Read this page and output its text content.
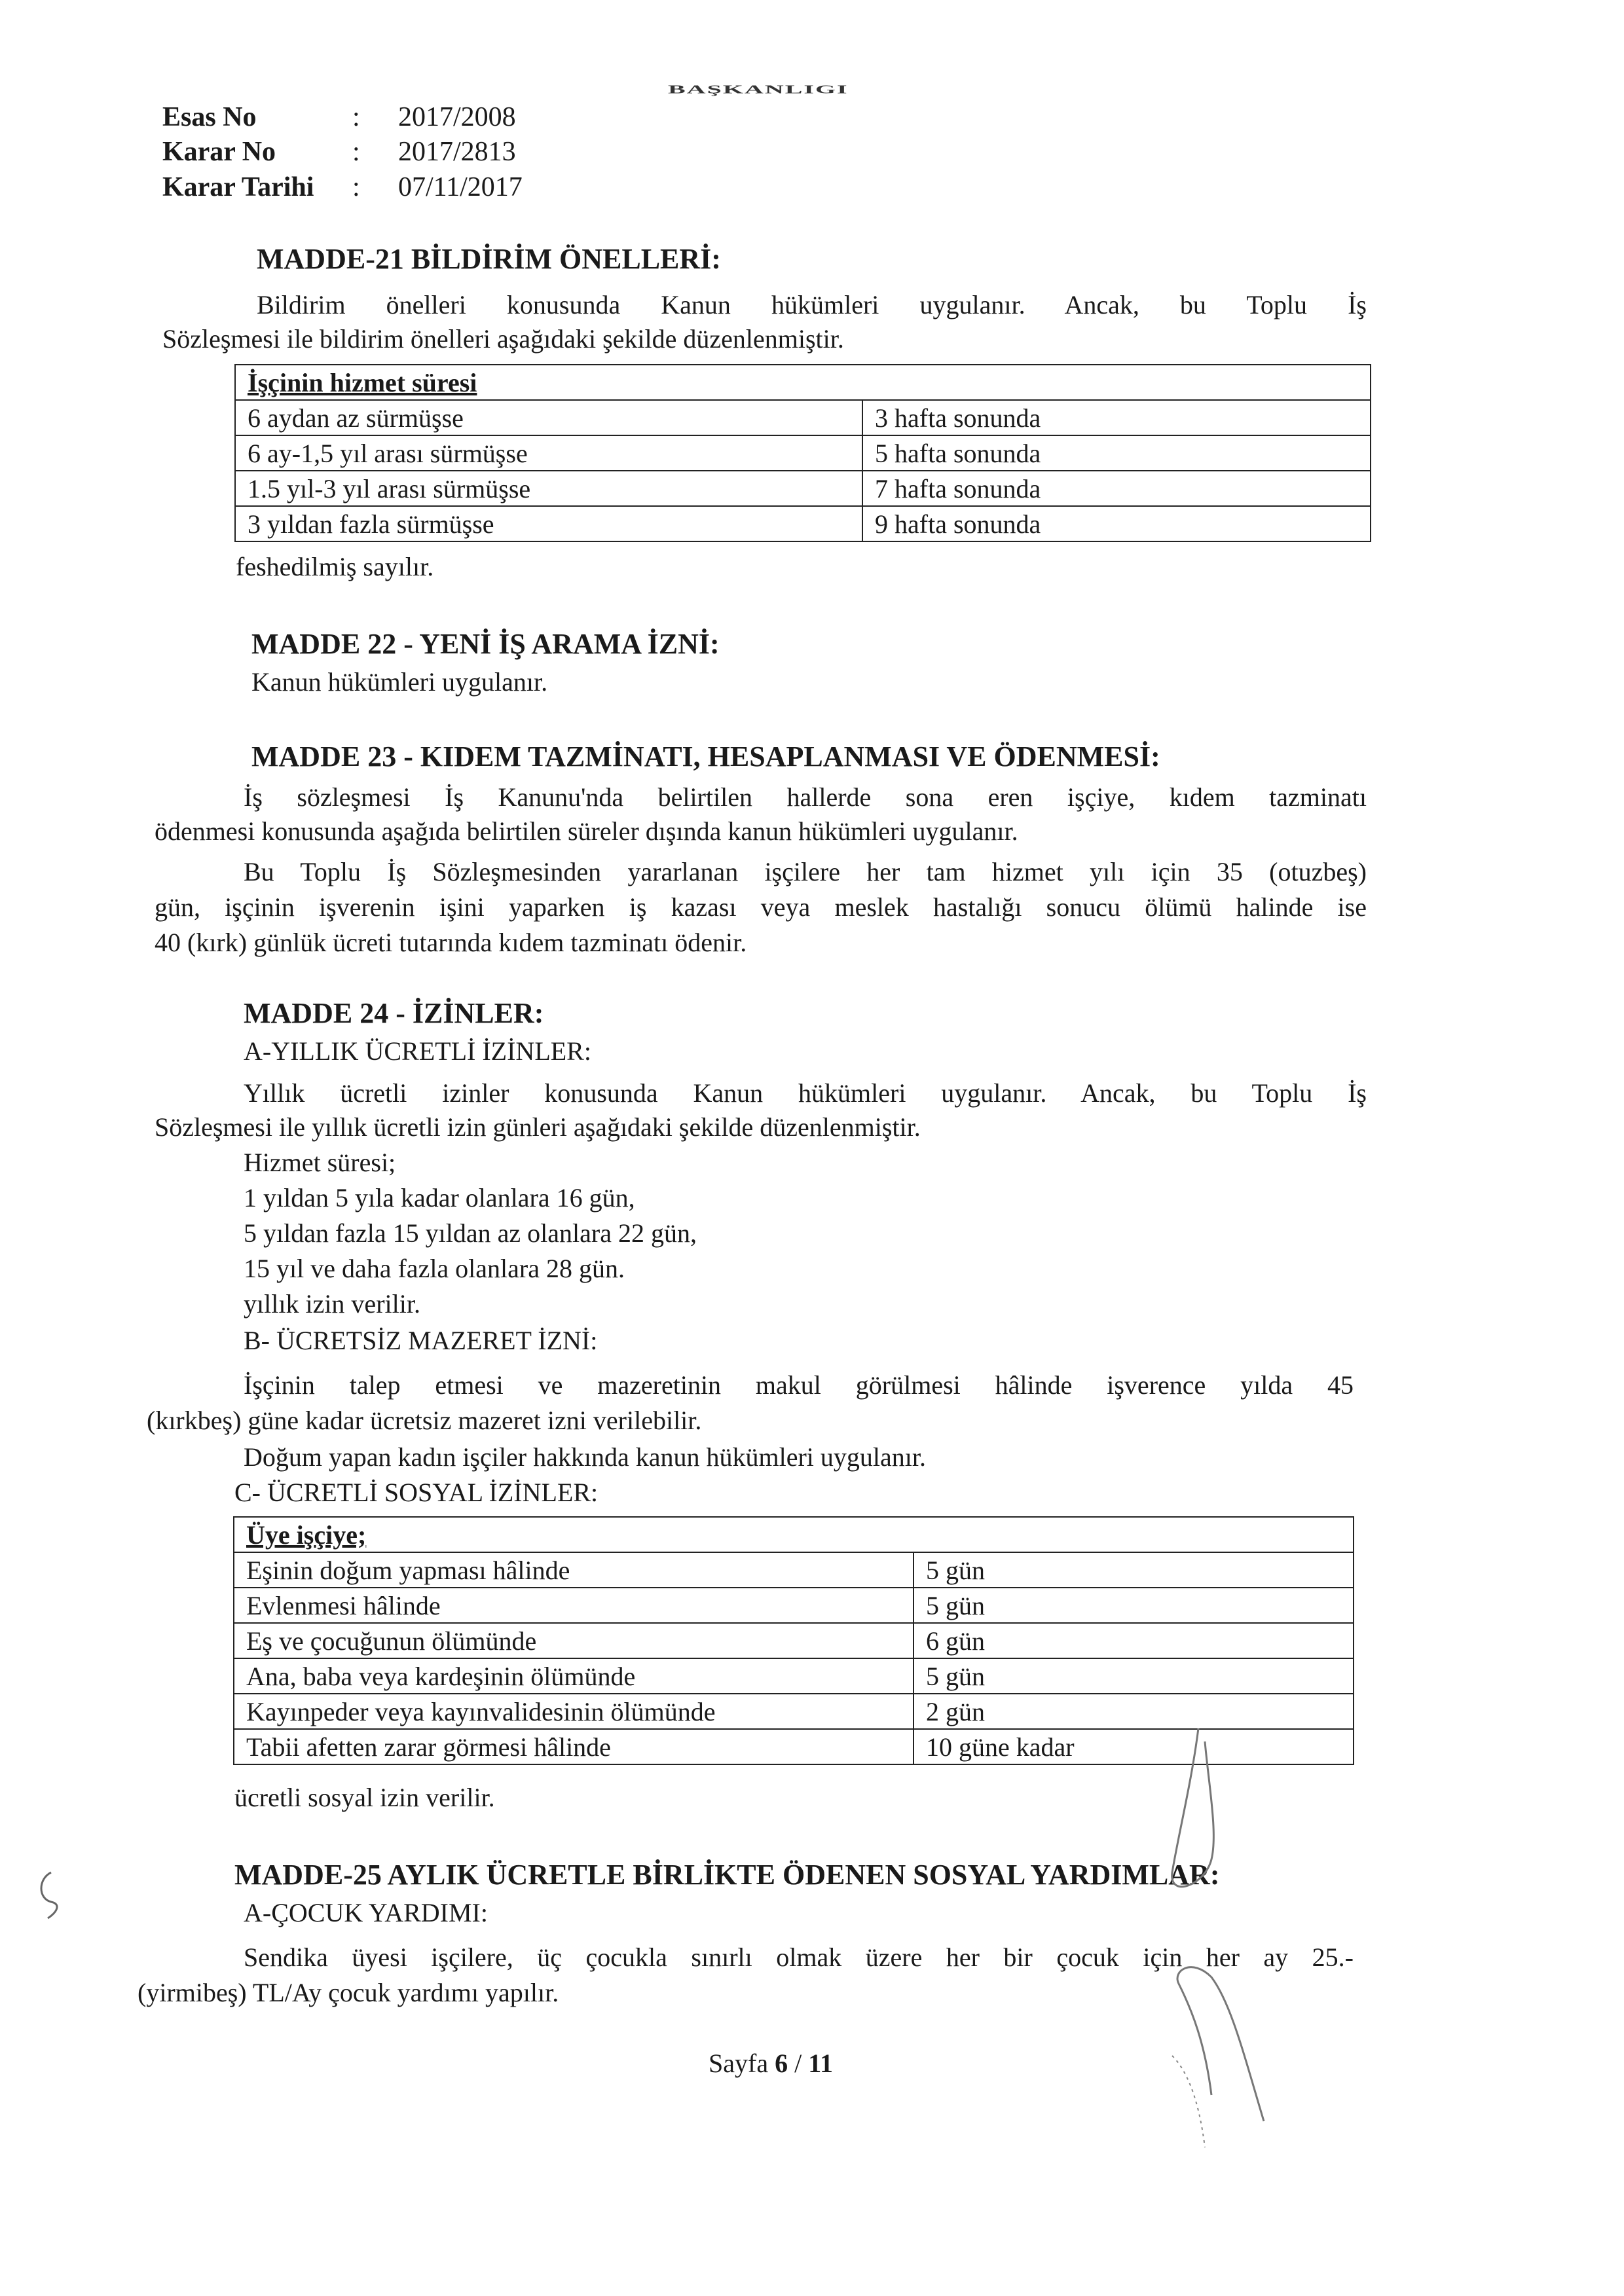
BAŞKANLIGI
Esas No	: 2017/2008
Karar No	: 2017/2813
Karar Tarihi : 07/11/2017
MADDE-21 BİLDİRİM ÖNELLERİ:
Bildirim önelleri konusunda Kanun hükümleri uygulanır. Ancak, bu Toplu İş
Sözleşmesi ile bildirim önelleri aşağıdaki şekilde düzenlenmiştir.
İşçinin hizmet süresi	
6 aydan az sürmüşse	3 hafta sonunda
6 ay-1,5 yıl arası sürmüşse	5 hafta sonunda
1.5 yıl-3 yıl arası sürmüşse	7 hafta sonunda
3 yıldan fazla sürmüşse	9 hafta sonunda
feshedilmiş sayılır.
MADDE 22 - YENİ İŞ ARAMA İZNİ:
Kanun hükümleri uygulanır.
MADDE 23 - KIDEM TAZMİNATI, HESAPLANMASI VE ÖDENMESİ:
İş sözleşmesi İş Kanunu'nda belirtilen hallerde sona eren işçiye, kıdem tazminatı
ödenmesi konusunda aşağıda belirtilen süreler dışında kanun hükümleri uygulanır.
Bu Toplu İş Sözleşmesinden yararlanan işçilere her tam hizmet yılı için 35 (otuzbeş)
gün, işçinin işverenin işini yaparken iş kazası veya meslek hastalığı sonucu ölümü halinde ise
40 (kırk) günlük ücreti tutarında kıdem tazminatı ödenir.
MADDE 24 - İZİNLER:
A-YILLIK ÜCRETLİ İZİNLER:
Yıllık ücretli izinler konusunda Kanun hükümleri uygulanır. Ancak, bu Toplu İş
Sözleşmesi ile yıllık ücretli izin günleri aşağıdaki şekilde düzenlenmiştir.
Hizmet süresi;
1 yıldan 5 yıla kadar olanlara 16 gün,
5 yıldan fazla 15 yıldan az olanlara 22 gün,
15 yıl ve daha fazla olanlara 28 gün.
yıllık izin verilir.
B- ÜCRETSİZ MAZERET İZNİ:
İşçinin talep etmesi ve mazeretinin makul görülmesi hâlinde işverence yılda 45
(kırkbeş) güne kadar ücretsiz mazeret izni verilebilir.
Doğum yapan kadın işçiler hakkında kanun hükümleri uygulanır.
C- ÜCRETLİ SOSYAL İZİNLER:
Üye işçiye;	
Eşinin doğum yapması hâlinde	5 gün
Evlenmesi hâlinde	5 gün
Eş ve çocuğunun ölümünde	6 gün
Ana, baba veya kardeşinin ölümünde	5 gün
Kayınpeder veya kayınvalidesinin ölümünde	2 gün
Tabii afetten zarar görmesi hâlinde	10 güne kadar
ücretli sosyal izin verilir.
MADDE-25 AYLIK ÜCRETLE BİRLİKTE ÖDENEN SOSYAL YARDIMLAR:
A-ÇOCUK YARDIMI:
Sendika üyesi işçilere, üç çocukla sınırlı olmak üzere her bir çocuk için her ay 25.-
(yirmibeş) TL/Ay çocuk yardımı yapılır.
Sayfa 6 / 11
